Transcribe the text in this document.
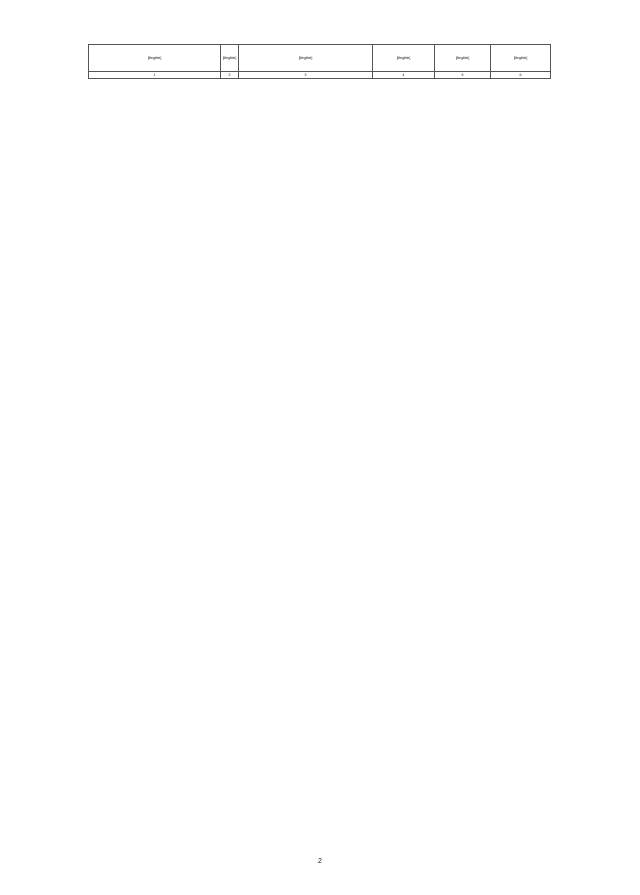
[illegible]	[illegible]	[illegible]	[illegible]	[illegible]	[illegible]
1	2	3	4	5	6
2
